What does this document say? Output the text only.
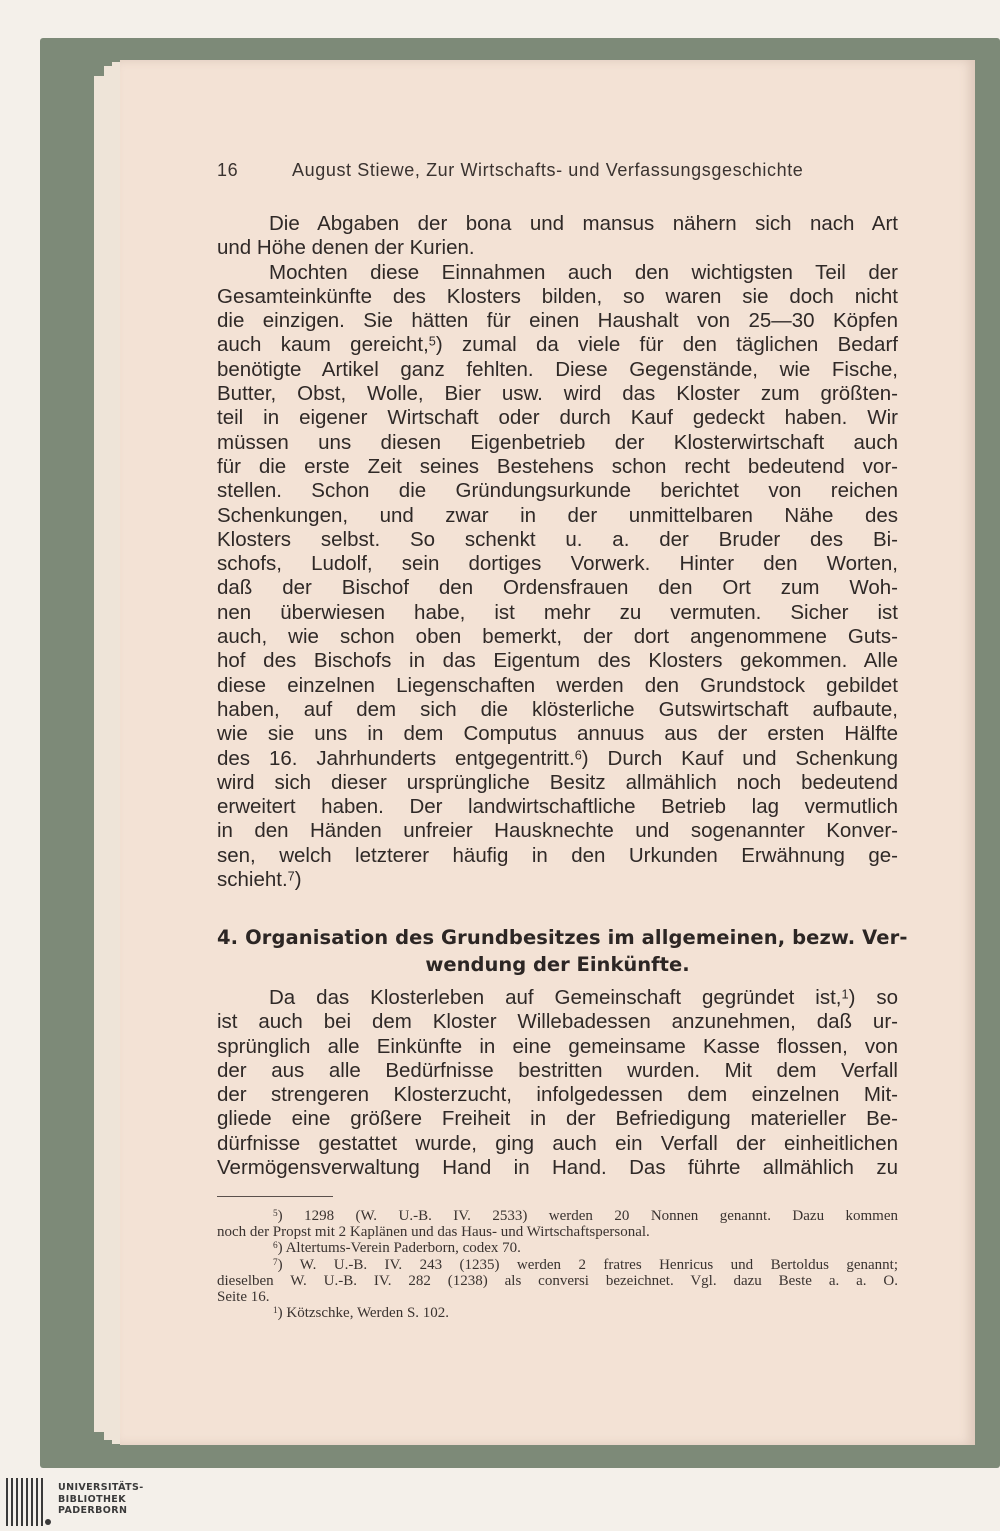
16	August Stiewe, Zur Wirtschafts- und Verfassungsgeschichte
Die Abgaben der bona und mansus nähern sich nach Art
und Höhe denen der Kurien.
Mochten diese Einnahmen auch den wichtigsten Teil der
Gesamteinkünfte des Klosters bilden, so waren sie doch nicht
die einzigen. Sie hätten für einen Haushalt von 25—30 Köpfen
auch kaum gereicht,$^5$) zumal da viele für den täglichen Bedarf
benötigte Artikel ganz fehlten. Diese Gegenstände, wie Fische,
Butter, Obst, Wolle, Bier usw. wird das Kloster zum größten-
teil in eigener Wirtschaft oder durch Kauf gedeckt haben. Wir
müssen uns diesen Eigenbetrieb der Klosterwirtschaft auch
für die erste Zeit seines Bestehens schon recht bedeutend vor-
stellen. Schon die Gründungsurkunde berichtet von reichen
Schenkungen, und zwar in der unmittelbaren Nähe des
Klosters selbst. So schenkt u. a. der Bruder des Bi-
schofs, Ludolf, sein dortiges Vorwerk. Hinter den Worten,
daß der Bischof den Ordensfrauen den Ort zum Woh-
nen überwiesen habe, ist mehr zu vermuten. Sicher ist
auch, wie schon oben bemerkt, der dort angenommene Guts-
hof des Bischofs in das Eigentum des Klosters gekommen. Alle
diese einzelnen Liegenschaften werden den Grundstock gebildet
haben, auf dem sich die klösterliche Gutswirtschaft aufbaute,
wie sie uns in dem Computus annuus aus der ersten Hälfte
des 16. Jahrhunderts entgegentritt.$^6$) Durch Kauf und Schenkung
wird sich dieser ursprüngliche Besitz allmählich noch bedeutend
erweitert haben. Der landwirtschaftliche Betrieb lag vermutlich
in den Händen unfreier Hausknechte und sogenannter Konver-
sen, welch letzterer häufig in den Urkunden Erwähnung ge-
schieht.$^7$)
4. Organisation des Grundbesitzes im allgemeinen, bezw. Ver-
wendung der Einkünfte.
Da das Klosterleben auf Gemeinschaft gegründet ist,$^1$) so
ist auch bei dem Kloster Willebadessen anzunehmen, daß ur-
sprünglich alle Einkünfte in eine gemeinsame Kasse flossen, von
der aus alle Bedürfnisse bestritten wurden. Mit dem Verfall
der strengeren Klosterzucht, infolgedessen dem einzelnen Mit-
gliede eine größere Freiheit in der Befriedigung materieller Be-
dürfnisse gestattet wurde, ging auch ein Verfall der einheitlichen
Vermögensverwaltung Hand in Hand. Das führte allmählich zu
$^5$) 1298 (W. U.-B. IV. 2533) werden 20 Nonnen genannt. Dazu kommen
noch der Propst mit 2 Kaplänen und das Haus- und Wirtschaftspersonal.
$^6$) Altertums-Verein Paderborn, codex 70.
$^7$) W. U.-B. IV. 243 (1235) werden 2 fratres Henricus und Bertoldus genannt;
dieselben W. U.-B. IV. 282 (1238) als conversi bezeichnet. Vgl. dazu Beste a. a. O.
Seite 16.
$^1$) Kötzschke, Werden S. 102.
UNIVERSITÄTS-
BIBLIOTHEK
PADERBORN
